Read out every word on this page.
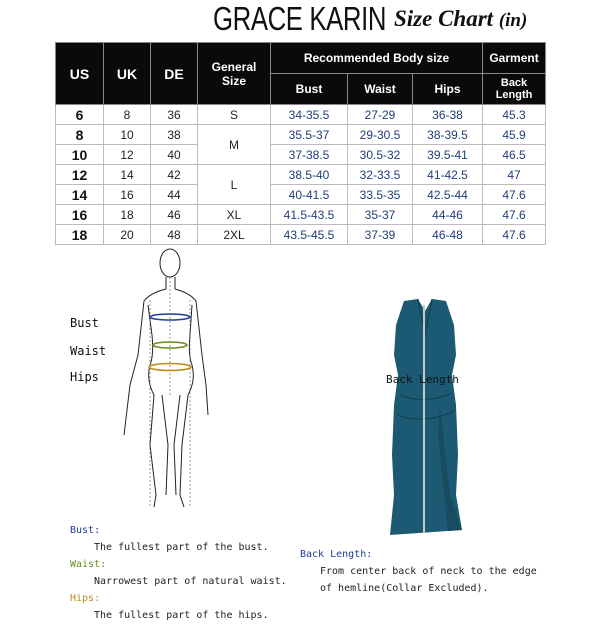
GRACE KARIN Size Chart (in)
US	UK	DE	General Size	Recommended Body size			Garment
				Bust	Waist	Hips	Back Length
6	8	36	S	34-35.5	27-29	36-38	45.3
8	10	38	M	35.5-37	29-30.5	38-39.5	45.9
10	12	40		37-38.5	30.5-32	39.5-41	46.5
12	14	42	L	38.5-40	32-33.5	41-42.5	47
14	16	44		40-41.5	33.5-35	42.5-44	47.6
16	18	46	XL	41.5-43.5	35-37	44-46	47.6
18	20	48	2XL	43.5-45.5	37-39	46-48	47.6
Bust
Waist
Hips	Back Length
Bust:
The fullest part of the bust.
Waist:
Narrowest part of natural waist.
Hips:
The fullest part of the hips.
Back Length:
From center back of neck to the edge
of hemline(Collar Excluded).
